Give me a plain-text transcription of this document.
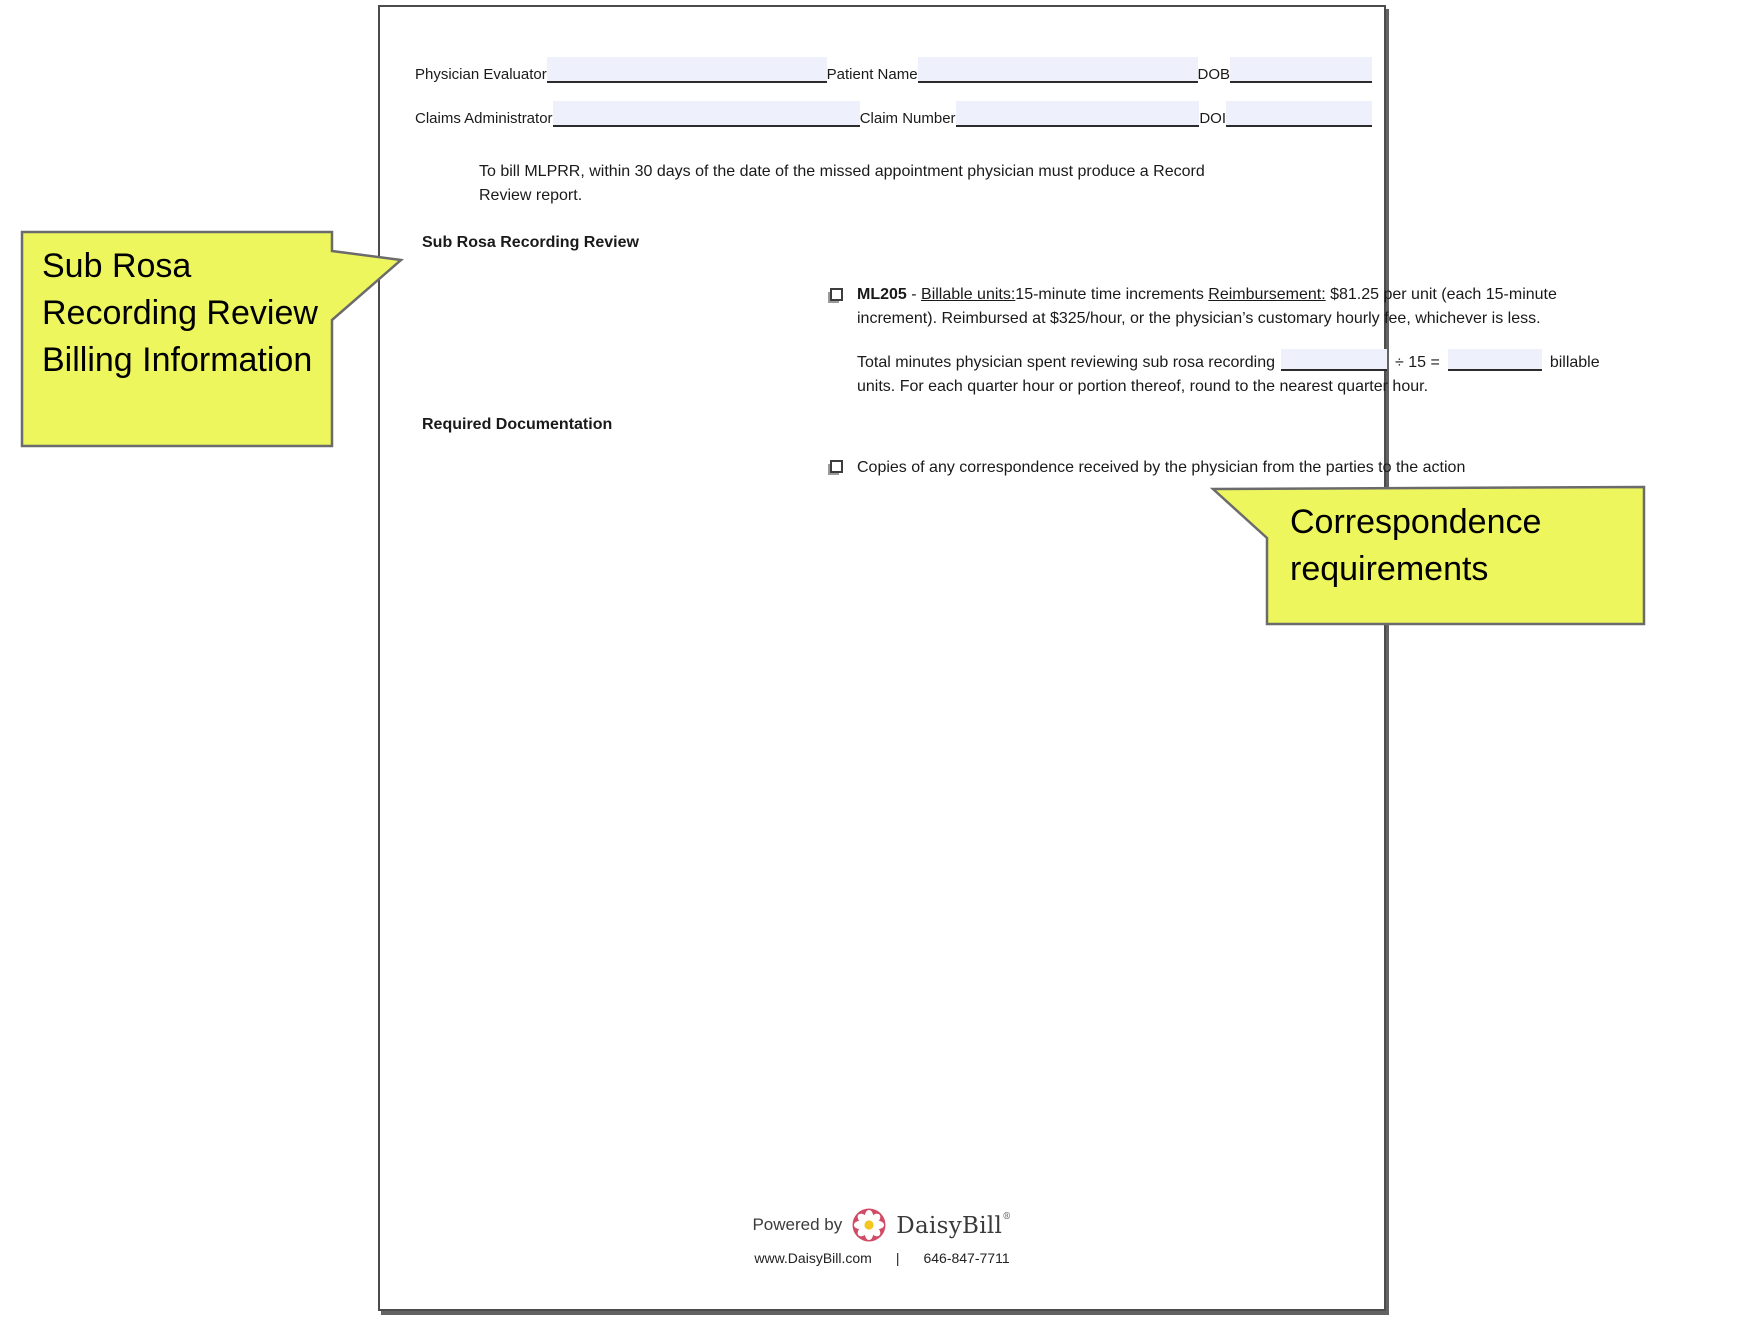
Physician Evaluator	Patient Name	DOB
Claims Administrator	Claim Number	DOI
To bill MLPRR, within 30 days of the date of the missed appointment physician must produce a Record
Review report.
Sub Rosa Recording Review
ML205 - Billable units:15-minute time increments Reimbursement: $81.25 per unit (each 15-minute
increment). Reimbursed at $325/hour, or the physician’s customary hourly fee, whichever is less.
Total minutes physician spent reviewing sub rosa recording	÷ 15 =	billable
units. For each quarter hour or portion thereof, round to the nearest quarter hour.
Required Documentation
Copies of any correspondence received by the physician from the parties to the action
Powered by DaisyBill®
www.DaisyBill.com | 646-847-7711
Sub Rosa Recording Review Billing Information
Correspondence requirements
